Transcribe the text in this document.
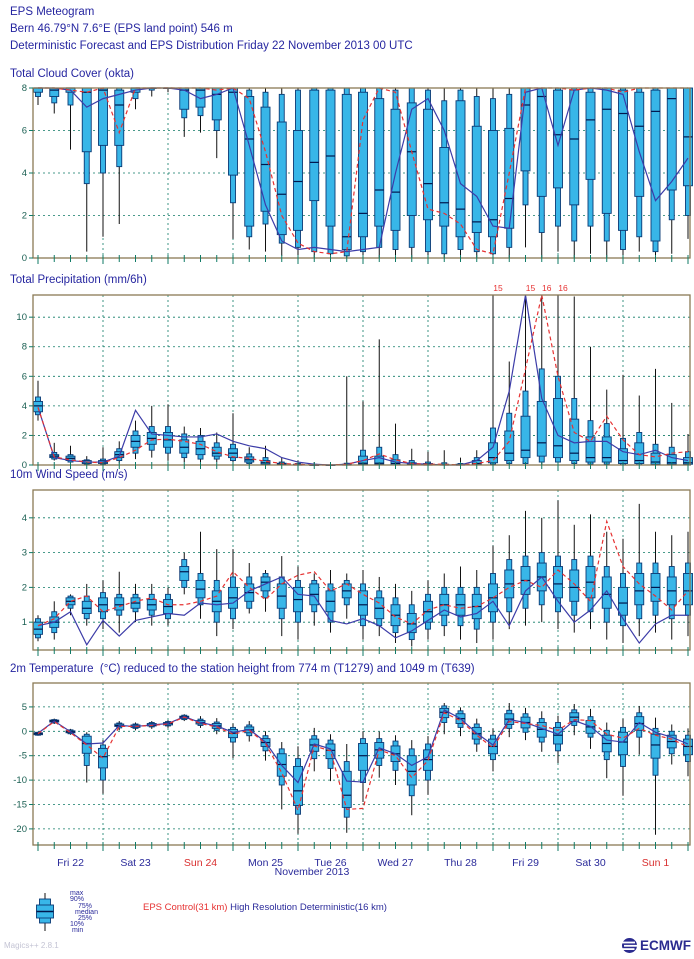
EPS Meteogram
Bern 46.79°N 7.6°E (EPS land point) 546 m
Deterministic Forecast and EPS Distribution Friday 22 November 2013 00 UTC
Total Cloud Cover (okta)
Total Precipitation (mm/6h)
10m Wind Speed (m/s)
2m Temperature  (°C) reduced to the station height from 774 m (T1279) and 1049 m (T639)
0
2
4
6
8
0
2
4
6
8
10
15	15 16 16
1
2
3
4
5
0
-5
-10
-15
-20
Fri 22	Sat 23	Sun 24	Mon 25	Tue 26	Wed 27	Thu 28	Fri 29	Sat 30	Sun 1
November 2013
max
90%
75%
median
25%
10%
min
EPS Control(31 km) High Resolution Deterministic(16 km)
Magics++ 2.8.1	ECMWF
